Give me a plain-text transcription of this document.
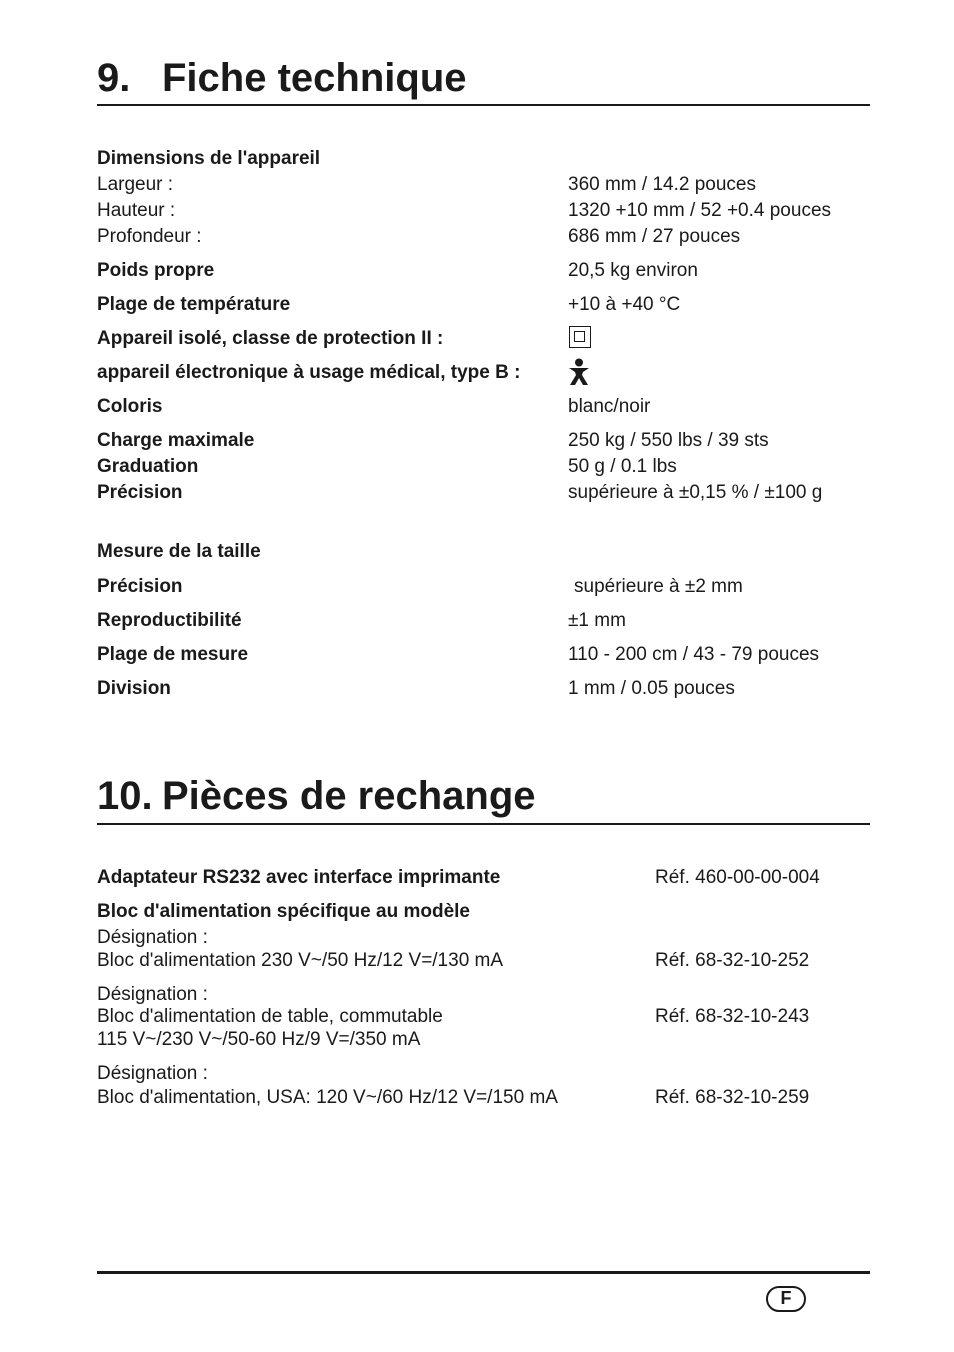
9. Fiche technique
Dimensions de l'appareil
Largeur :	360 mm / 14.2 pouces
Hauteur :	1320 +10 mm / 52 +0.4 pouces
Profondeur :	686 mm / 27 pouces
Poids propre	20,5 kg environ
Plage de température	+10 à +40 °C
Appareil isolé, classe de protection II :
appareil électronique à usage médical, type B :
Coloris	blanc/noir
Charge maximale	250 kg / 550 lbs / 39 sts
Graduation	50 g / 0.1 lbs
Précision	supérieure à ±0,15 % / ±100 g
Mesure de la taille
Précision	supérieure à ±2 mm
Reproductibilité	±1 mm
Plage de mesure	110 - 200 cm / 43 - 79 pouces
Division	1 mm / 0.05 pouces
10. Pièces de rechange
Adaptateur RS232 avec interface imprimante	Réf. 460-00-00-004
Bloc d'alimentation spécifique au modèle
Désignation :
Bloc d'alimentation 230 V~/50 Hz/12 V=/130 mA	Réf. 68-32-10-252
Désignation :
Bloc d'alimentation de table, commutable	Réf. 68-32-10-243
115 V~/230 V~/50-60 Hz/9 V=/350 mA
Désignation :
Bloc d'alimentation, USA: 120 V~/60 Hz/12 V=/150 mA	Réf. 68-32-10-259
F
